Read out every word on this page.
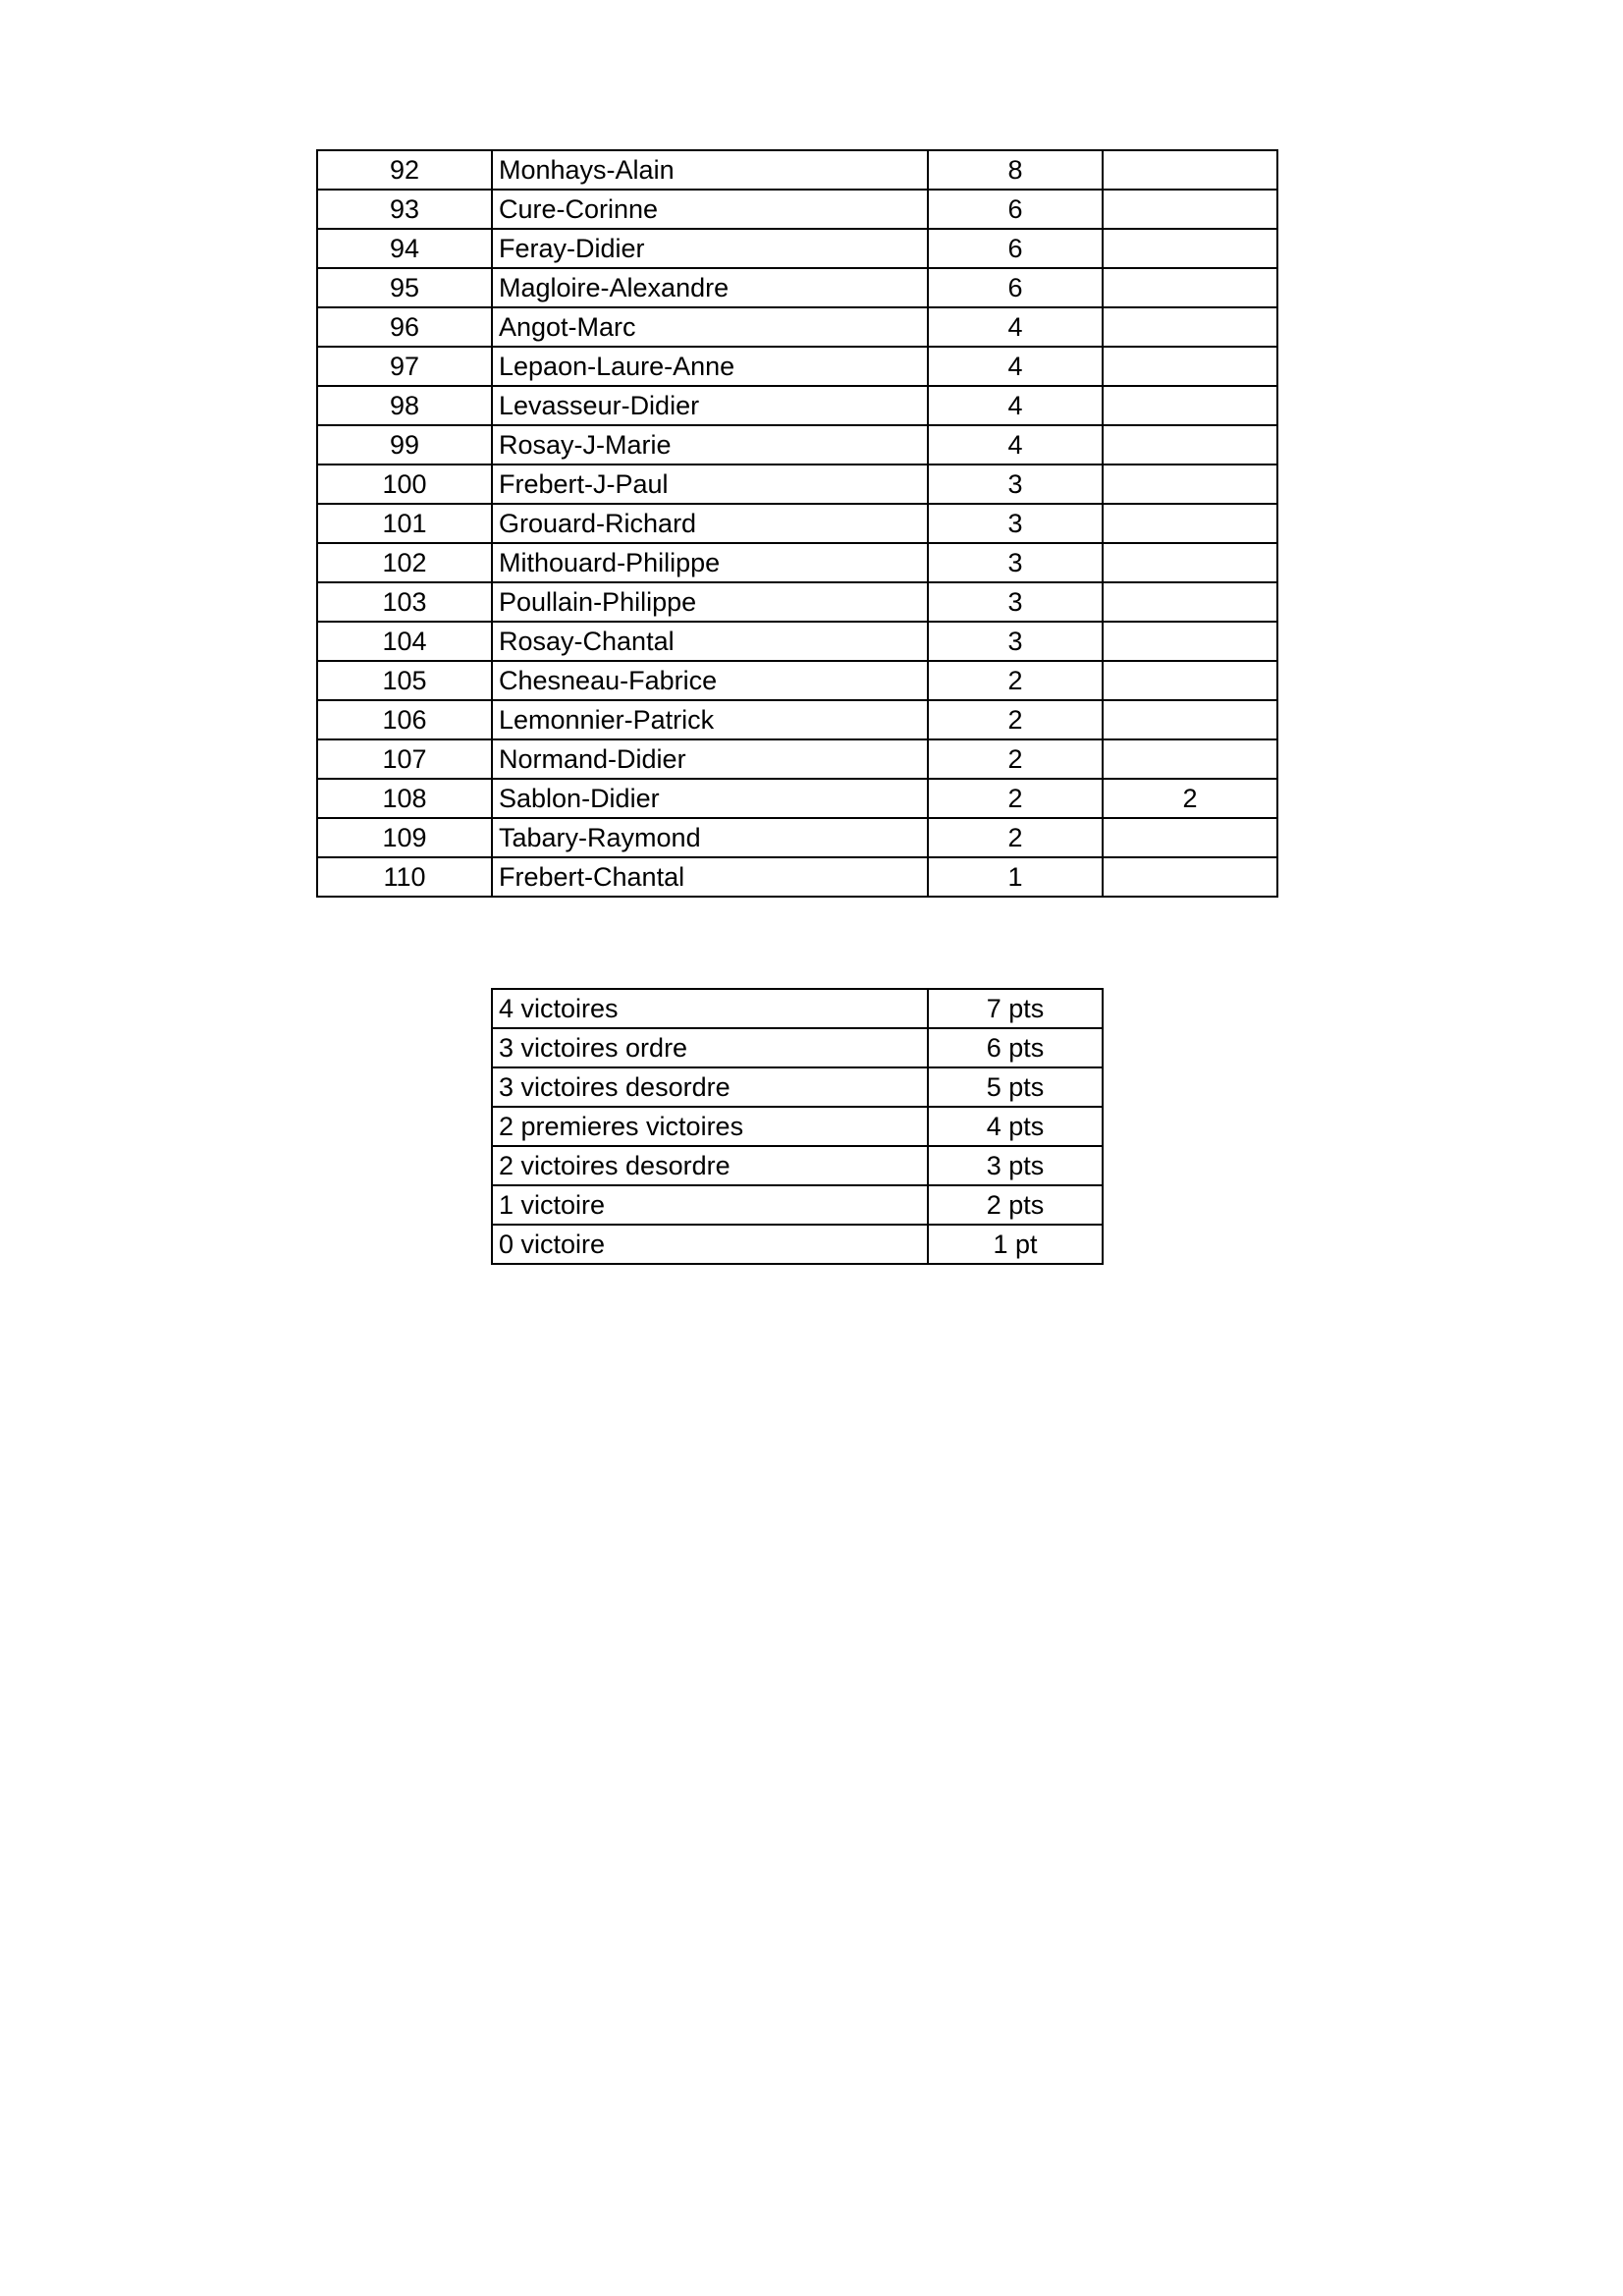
92	Monhays-Alain	8	
93	Cure-Corinne	6	
94	Feray-Didier	6	
95	Magloire-Alexandre	6	
96	Angot-Marc	4	
97	Lepaon-Laure-Anne	4	
98	Levasseur-Didier	4	
99	Rosay-J-Marie	4	
100	Frebert-J-Paul	3	
101	Grouard-Richard	3	
102	Mithouard-Philippe	3	
103	Poullain-Philippe	3	
104	Rosay-Chantal	3	
105	Chesneau-Fabrice	2	
106	Lemonnier-Patrick	2	
107	Normand-Didier	2	
108	Sablon-Didier	2	2
109	Tabary-Raymond	2	
110	Frebert-Chantal	1	
4 victoires	7 pts
3 victoires ordre	6 pts
3 victoires desordre	5 pts
2 premieres victoires	4 pts
2 victoires desordre	3 pts
1 victoire	2 pts
0 victoire	1 pt
